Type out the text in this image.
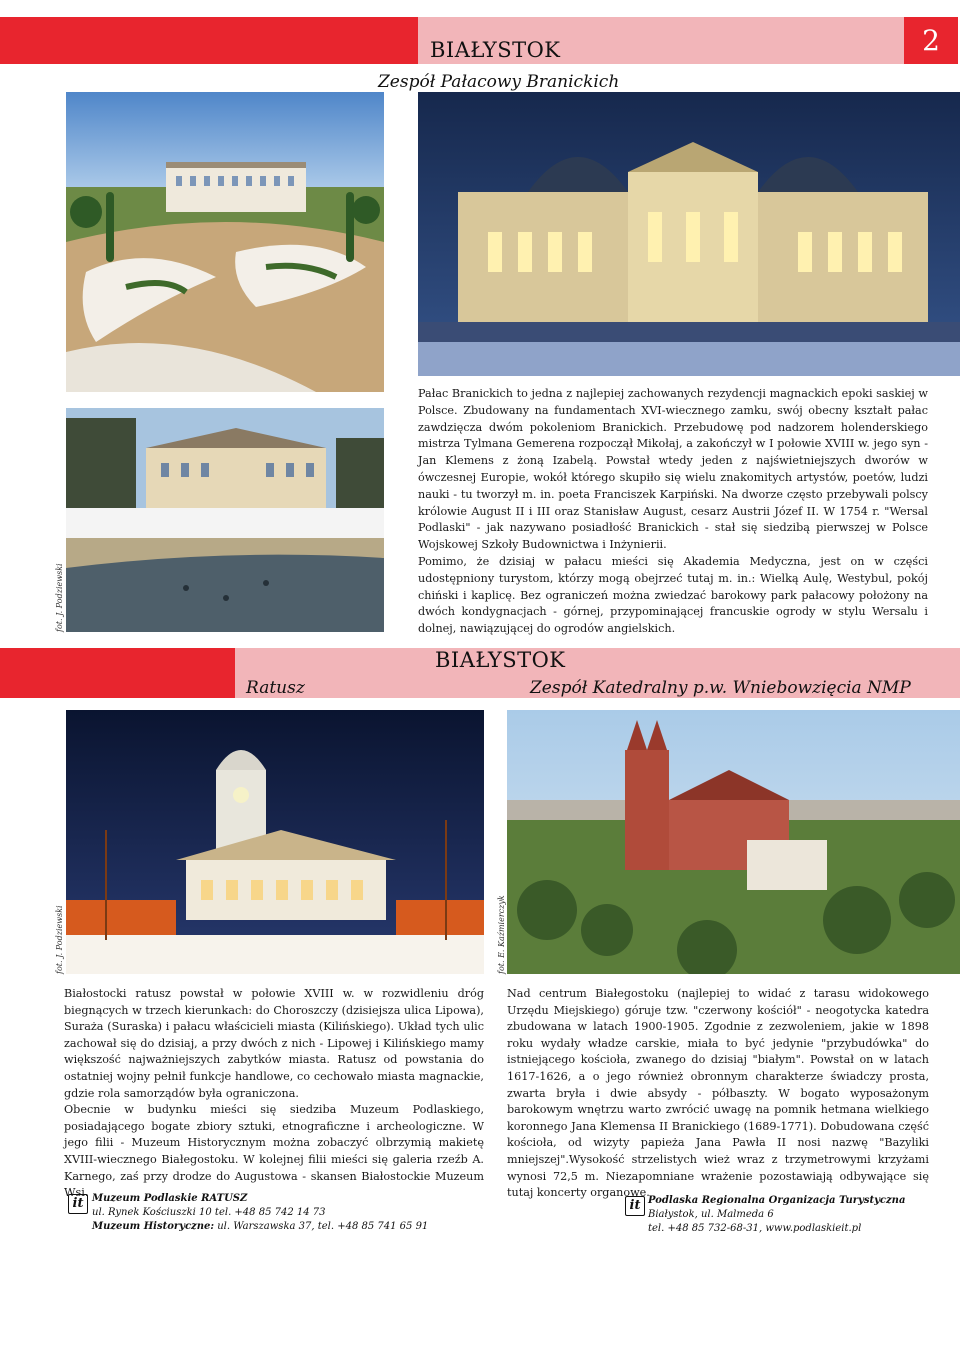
2
BIAŁYSTOK
Zespół Pałacowy Branickich
fot. J. Podziewski

Pałac Branickich to jedna z najlepiej zachowanych rezydencji magnackich epoki saskiej w Polsce. Zbudowany na fundamentach XVI-wiecznego zamku, swój obecny kształt pałac zawdzięcza dwóm pokoleniom Branickich. Przebudowę pod nadzorem holenderskiego mistrza Tylmana Gemerena rozpoczął Mikołaj, a zakończył w I połowie XVIII w. jego syn - Jan Klemens z żoną Izabelą. Powstał wtedy jeden z najświetniejszych dworów w ówczesnej Europie, wokół którego skupiło się wielu znakomitych artystów, poetów, ludzi nauki - tu tworzył m. in. poeta Franciszek Karpiński. Na dworze często przebywali polscy królowie August II i III oraz Stanisław August, cesarz Austrii Józef II. W 1754 r. "Wersal Podlaski" - jak nazywano posiadłość Branickich - stał się siedzibą pierwszej w Polsce Wojskowej Szkoły Budownictwa i Inżynierii.

Pomimo, że dzisiaj w pałacu mieści się Akademia Medyczna, jest on w części udostępniony turystom, którzy mogą obejrzeć tutaj m. in.: Wielką Aulę, Westybul, pokój chiński i kaplicę. Bez ograniczeń można zwiedzać barokowy park pałacowy położony na dwóch kondygnacjach - górnej, przypominającej francuskie ogrody w stylu Wersalu i dolnej, nawiązującej do ogrodów angielskich.

BIAŁYSTOK
Ratusz	Zespół Katedralny p.w. Wniebowzięcia NMP
fot. J. Podziewski	fot. E. Kaźmierczyk

Białostocki ratusz powstał w połowie XVIII w. w rozwidleniu dróg biegnących w trzech kierunkach: do Choroszczy (dzisiejsza ulica Lipowa), Suraża (Suraska) i pałacu właścicieli miasta (Kilińskiego). Układ tych ulic zachował się do dzisiaj, a przy dwóch z nich - Lipowej i Kilińskiego mamy większość najważniejszych zabytków miasta. Ratusz od powstania do ostatniej wojny pełnił funkcje handlowe, co cechowało miasta magnackie, gdzie rola samorządów była ograniczona.

Obecnie w budynku mieści się siedziba Muzeum Podlaskiego, posiadającego bogate zbiory sztuki, etnograficzne i archeologiczne. W jego filii - Muzeum Historycznym można zobaczyć olbrzymią makietę XVIII-wiecznego Białegostoku. W kolejnej filii mieści się galeria rzeźb A. Karnego, zaś przy drodze do Augustowa - skansen Białostockie Muzeum Wsi.

Nad centrum Białegostoku (najlepiej to widać z tarasu widokowego Urzędu Miejskiego) góruje tzw. "czerwony kościół" - neogotycka katedra zbudowana w latach 1900-1905. Zgodnie z zezwoleniem, jakie w 1898 roku wydały władze carskie, miała to być jedynie "przybudówka" do istniejącego kościoła, zwanego do dzisiaj "białym". Powstał on w latach 1617-1626, a o jego również obronnym charakterze świadczy prosta, zwarta bryła i dwie absydy - półbaszty. W bogato wyposażonym barokowym wnętrzu warto zwrócić uwagę na pomnik hetmana wielkiego koronnego Jana Klemensa II Branickiego (1689-1771). Dobudowana część kościoła, od wizyty papieża Jana Pawła II nosi nazwę "Bazyliki mniejszej".Wysokość strzelistych wież wraz z trzymetrowymi krzyżami wynosi 72,5 m. Niezapomniane wrażenie pozostawiają odbywające się tutaj koncerty organowe.

it Muzeum Podlaskie RATUSZ
ul. Rynek Kościuszki 10 tel. +48 85 742 14 73
Muzeum Historyczne: ul. Warszawska 37, tel. +48 85 741 65 91
it Podlaska Regionalna Organizacja Turystyczna
Białystok, ul. Malmeda 6
tel. +48 85 732-68-31, www.podlaskieit.pl
